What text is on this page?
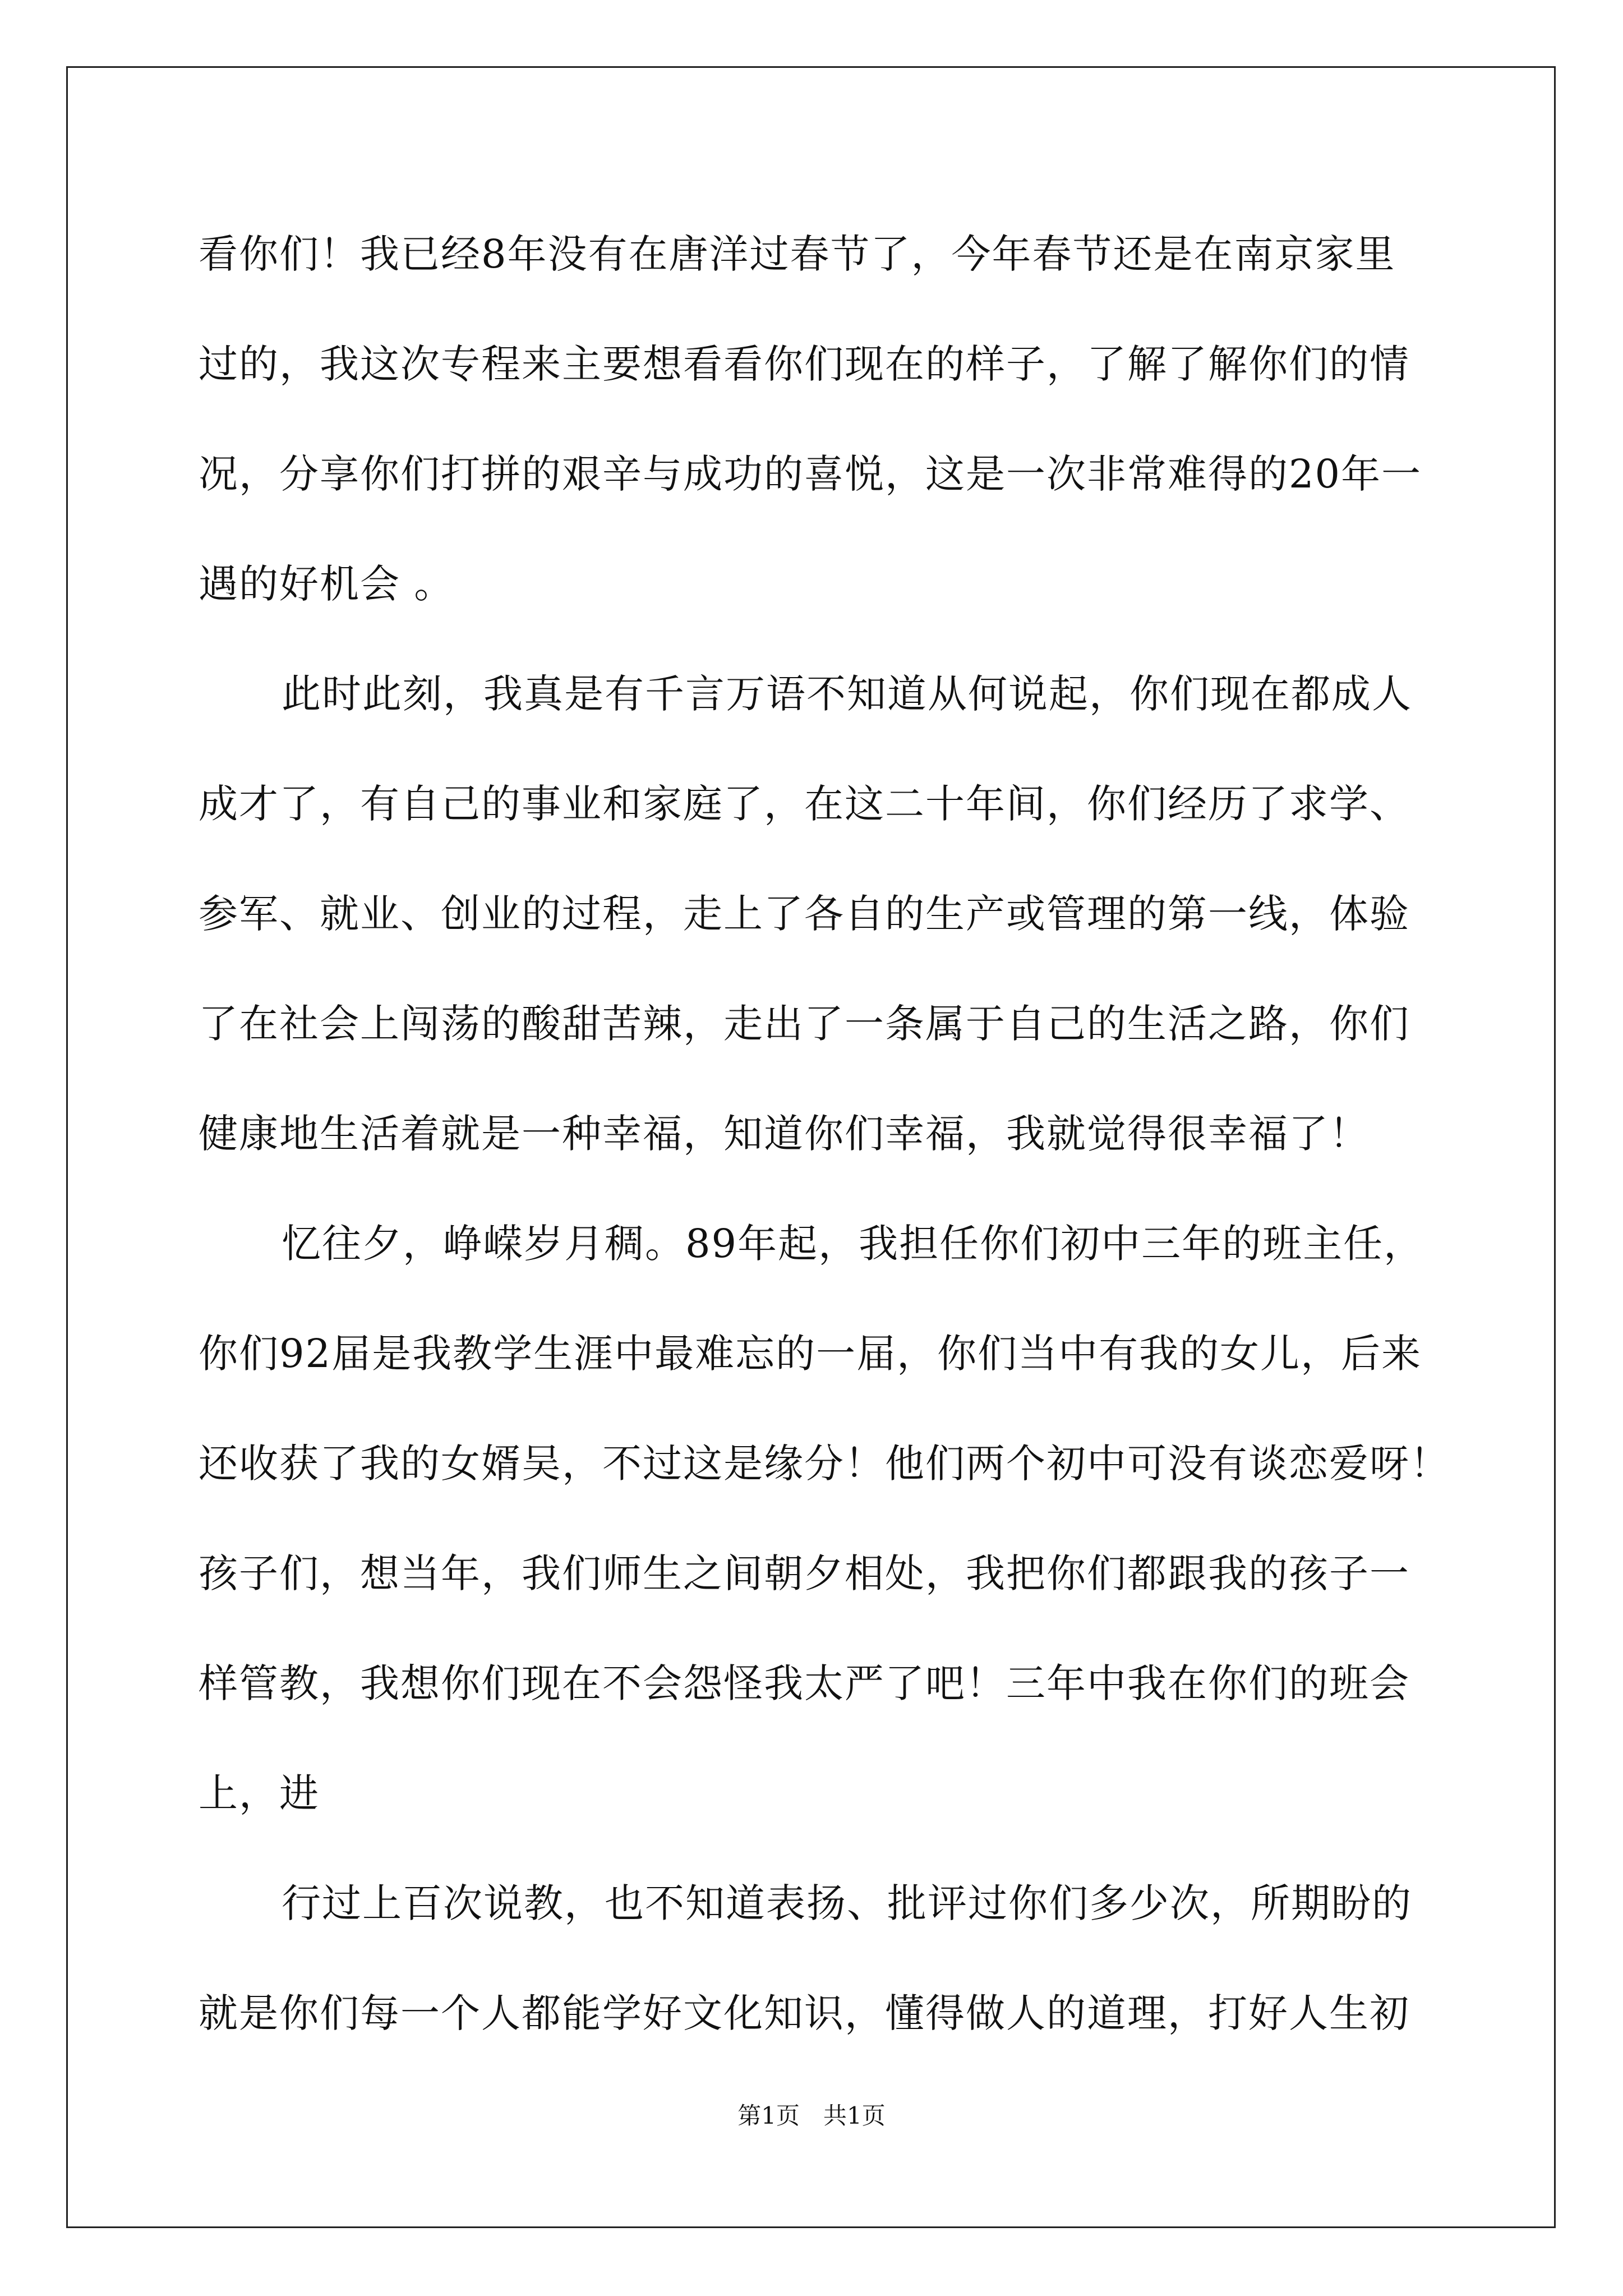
看你们！我已经8年没有在唐洋过春节了，今年春节还是在南京家里
过的，我这次专程来主要想看看你们现在的样子，了解了解你们的情
况，分享你们打拼的艰辛与成功的喜悦，这是一次非常难得的20年一
遇的好机会 。
此时此刻，我真是有千言万语不知道从何说起，你们现在都成人
成才了，有自己的事业和家庭了，在这二十年间，你们经历了求学、
参军、就业、创业的过程，走上了各自的生产或管理的第一线，体验
了在社会上闯荡的酸甜苦辣，走出了一条属于自己的生活之路，你们
健康地生活着就是一种幸福，知道你们幸福，我就觉得很幸福了！
忆往夕，峥嵘岁月稠。89年起，我担任你们初中三年的班主任，
你们92届是我教学生涯中最难忘的一届，你们当中有我的女儿，后来
还收获了我的女婿吴，不过这是缘分！他们两个初中可没有谈恋爱呀！
孩子们，想当年，我们师生之间朝夕相处，我把你们都跟我的孩子一
样管教，我想你们现在不会怨怪我太严了吧！三年中我在你们的班会
上，进
行过上百次说教，也不知道表扬、批评过你们多少次，所期盼的
就是你们每一个人都能学好文化知识，懂得做人的道理，打好人生初
第1页　共1页
